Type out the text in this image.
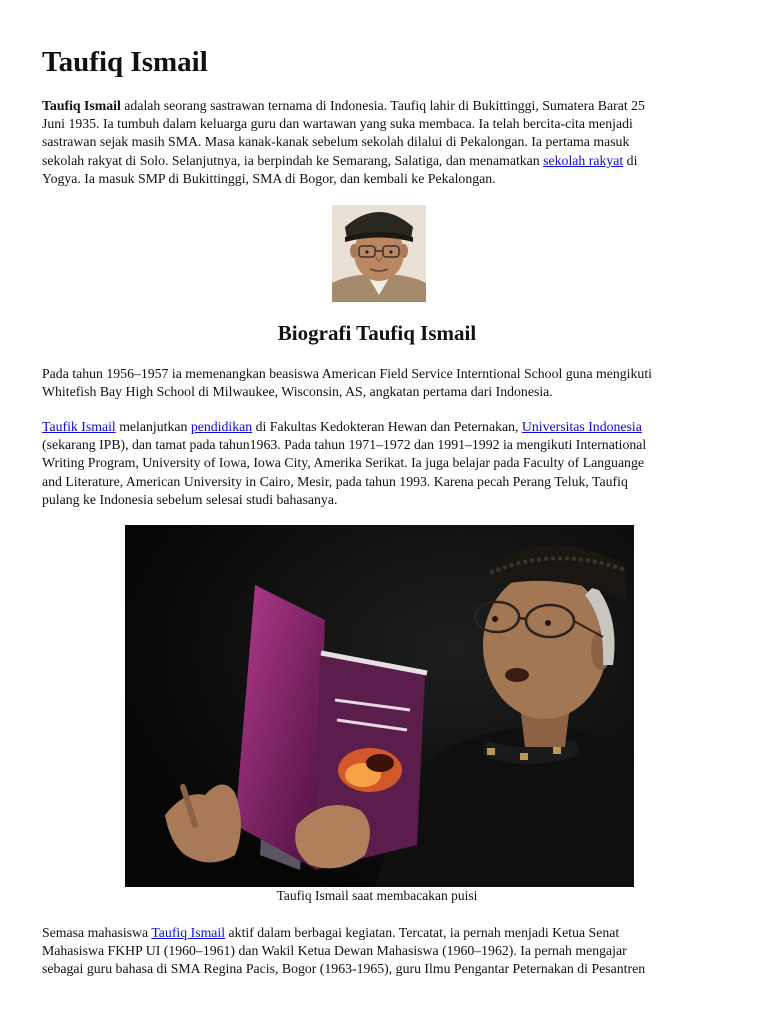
Taufiq Ismail

Taufiq Ismail adalah seorang sastrawan ternama di Indonesia. Taufiq lahir di Bukittinggi, Sumatera Barat 25
Juni 1935. Ia tumbuh dalam keluarga guru dan wartawan yang suka membaca. Ia telah bercita-cita menjadi
sastrawan sejak masih SMA. Masa kanak-kanak sebelum sekolah dilalui di Pekalongan. Ia pertama masuk
sekolah rakyat di Solo. Selanjutnya, ia berpindah ke Semarang, Salatiga, dan menamatkan sekolah rakyat di
Yogya. Ia masuk SMP di Bukittinggi, SMA di Bogor, dan kembali ke Pekalongan.

Biografi Taufiq Ismail

Pada tahun 1956–1957 ia memenangkan beasiswa American Field Service Interntional School guna mengikuti
Whitefish Bay High School di Milwaukee, Wisconsin, AS, angkatan pertama dari Indonesia.

Taufik Ismail melanjutkan pendidikan di Fakultas Kedokteran Hewan dan Peternakan, Universitas Indonesia
(sekarang IPB), dan tamat pada tahun1963. Pada tahun 1971–1972 dan 1991–1992 ia mengikuti International
Writing Program, University of Iowa, Iowa City, Amerika Serikat. Ia juga belajar pada Faculty of Languange
and Literature, American University in Cairo, Mesir, pada tahun 1993. Karena pecah Perang Teluk, Taufiq
pulang ke Indonesia sebelum selesai studi bahasanya.

Taufiq Ismail saat membacakan puisi

Semasa mahasiswa Taufiq Ismail aktif dalam berbagai kegiatan. Tercatat, ia pernah menjadi Ketua Senat
Mahasiswa FKHP UI (1960–1961) dan Wakil Ketua Dewan Mahasiswa (1960–1962). Ia pernah mengajar
sebagai guru bahasa di SMA Regina Pacis, Bogor (1963-1965), guru Ilmu Pengantar Peternakan di Pesantren
